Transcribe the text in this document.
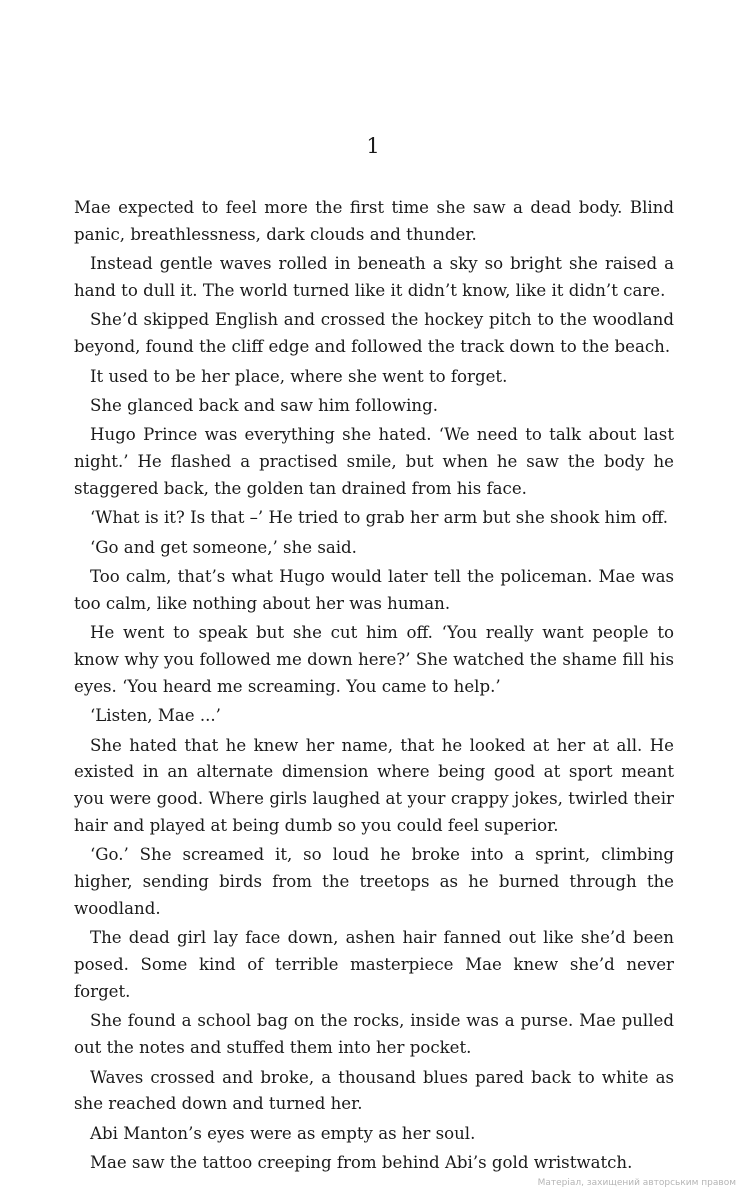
1

Mae expected to feel more the first time she saw a dead body. Blind panic, breathlessness, dark clouds and thunder.

Instead gentle waves rolled in beneath a sky so bright she raised a hand to dull it. The world turned like it didn’t know, like it didn’t care.

She’d skipped English and crossed the hockey pitch to the woodland beyond, found the cliff edge and followed the track down to the beach.

It used to be her place, where she went to forget.

She glanced back and saw him following.

Hugo Prince was everything she hated. ‘We need to talk about last night.’ He flashed a practised smile, but when he saw the body he staggered back, the golden tan drained from his face.

‘What is it? Is that –’ He tried to grab her arm but she shook him off.

‘Go and get someone,’ she said.

Too calm, that’s what Hugo would later tell the policeman. Mae was too calm, like nothing about her was human.

He went to speak but she cut him off. ‘You really want people to know why you followed me down here?’ She watched the shame fill his eyes. ‘You heard me screaming. You came to help.’

‘Listen, Mae ...’

She hated that he knew her name, that he looked at her at all. He existed in an alternate dimension where being good at sport meant you were good. Where girls laughed at your crappy jokes, twirled their hair and played at being dumb so you could feel superior.

‘Go.’ She screamed it, so loud he broke into a sprint, climbing higher, sending birds from the treetops as he burned through the woodland.

The dead girl lay face down, ashen hair fanned out like she’d been posed. Some kind of terrible masterpiece Mae knew she’d never forget.

She found a school bag on the rocks, inside was a purse. Mae pulled out the notes and stuffed them into her pocket.

Waves crossed and broke, a thousand blues pared back to white as she reached down and turned her.

Abi Manton’s eyes were as empty as her soul.

Mae saw the tattoo creeping from behind Abi’s gold wristwatch.

Матеріал, захищений авторським правом
